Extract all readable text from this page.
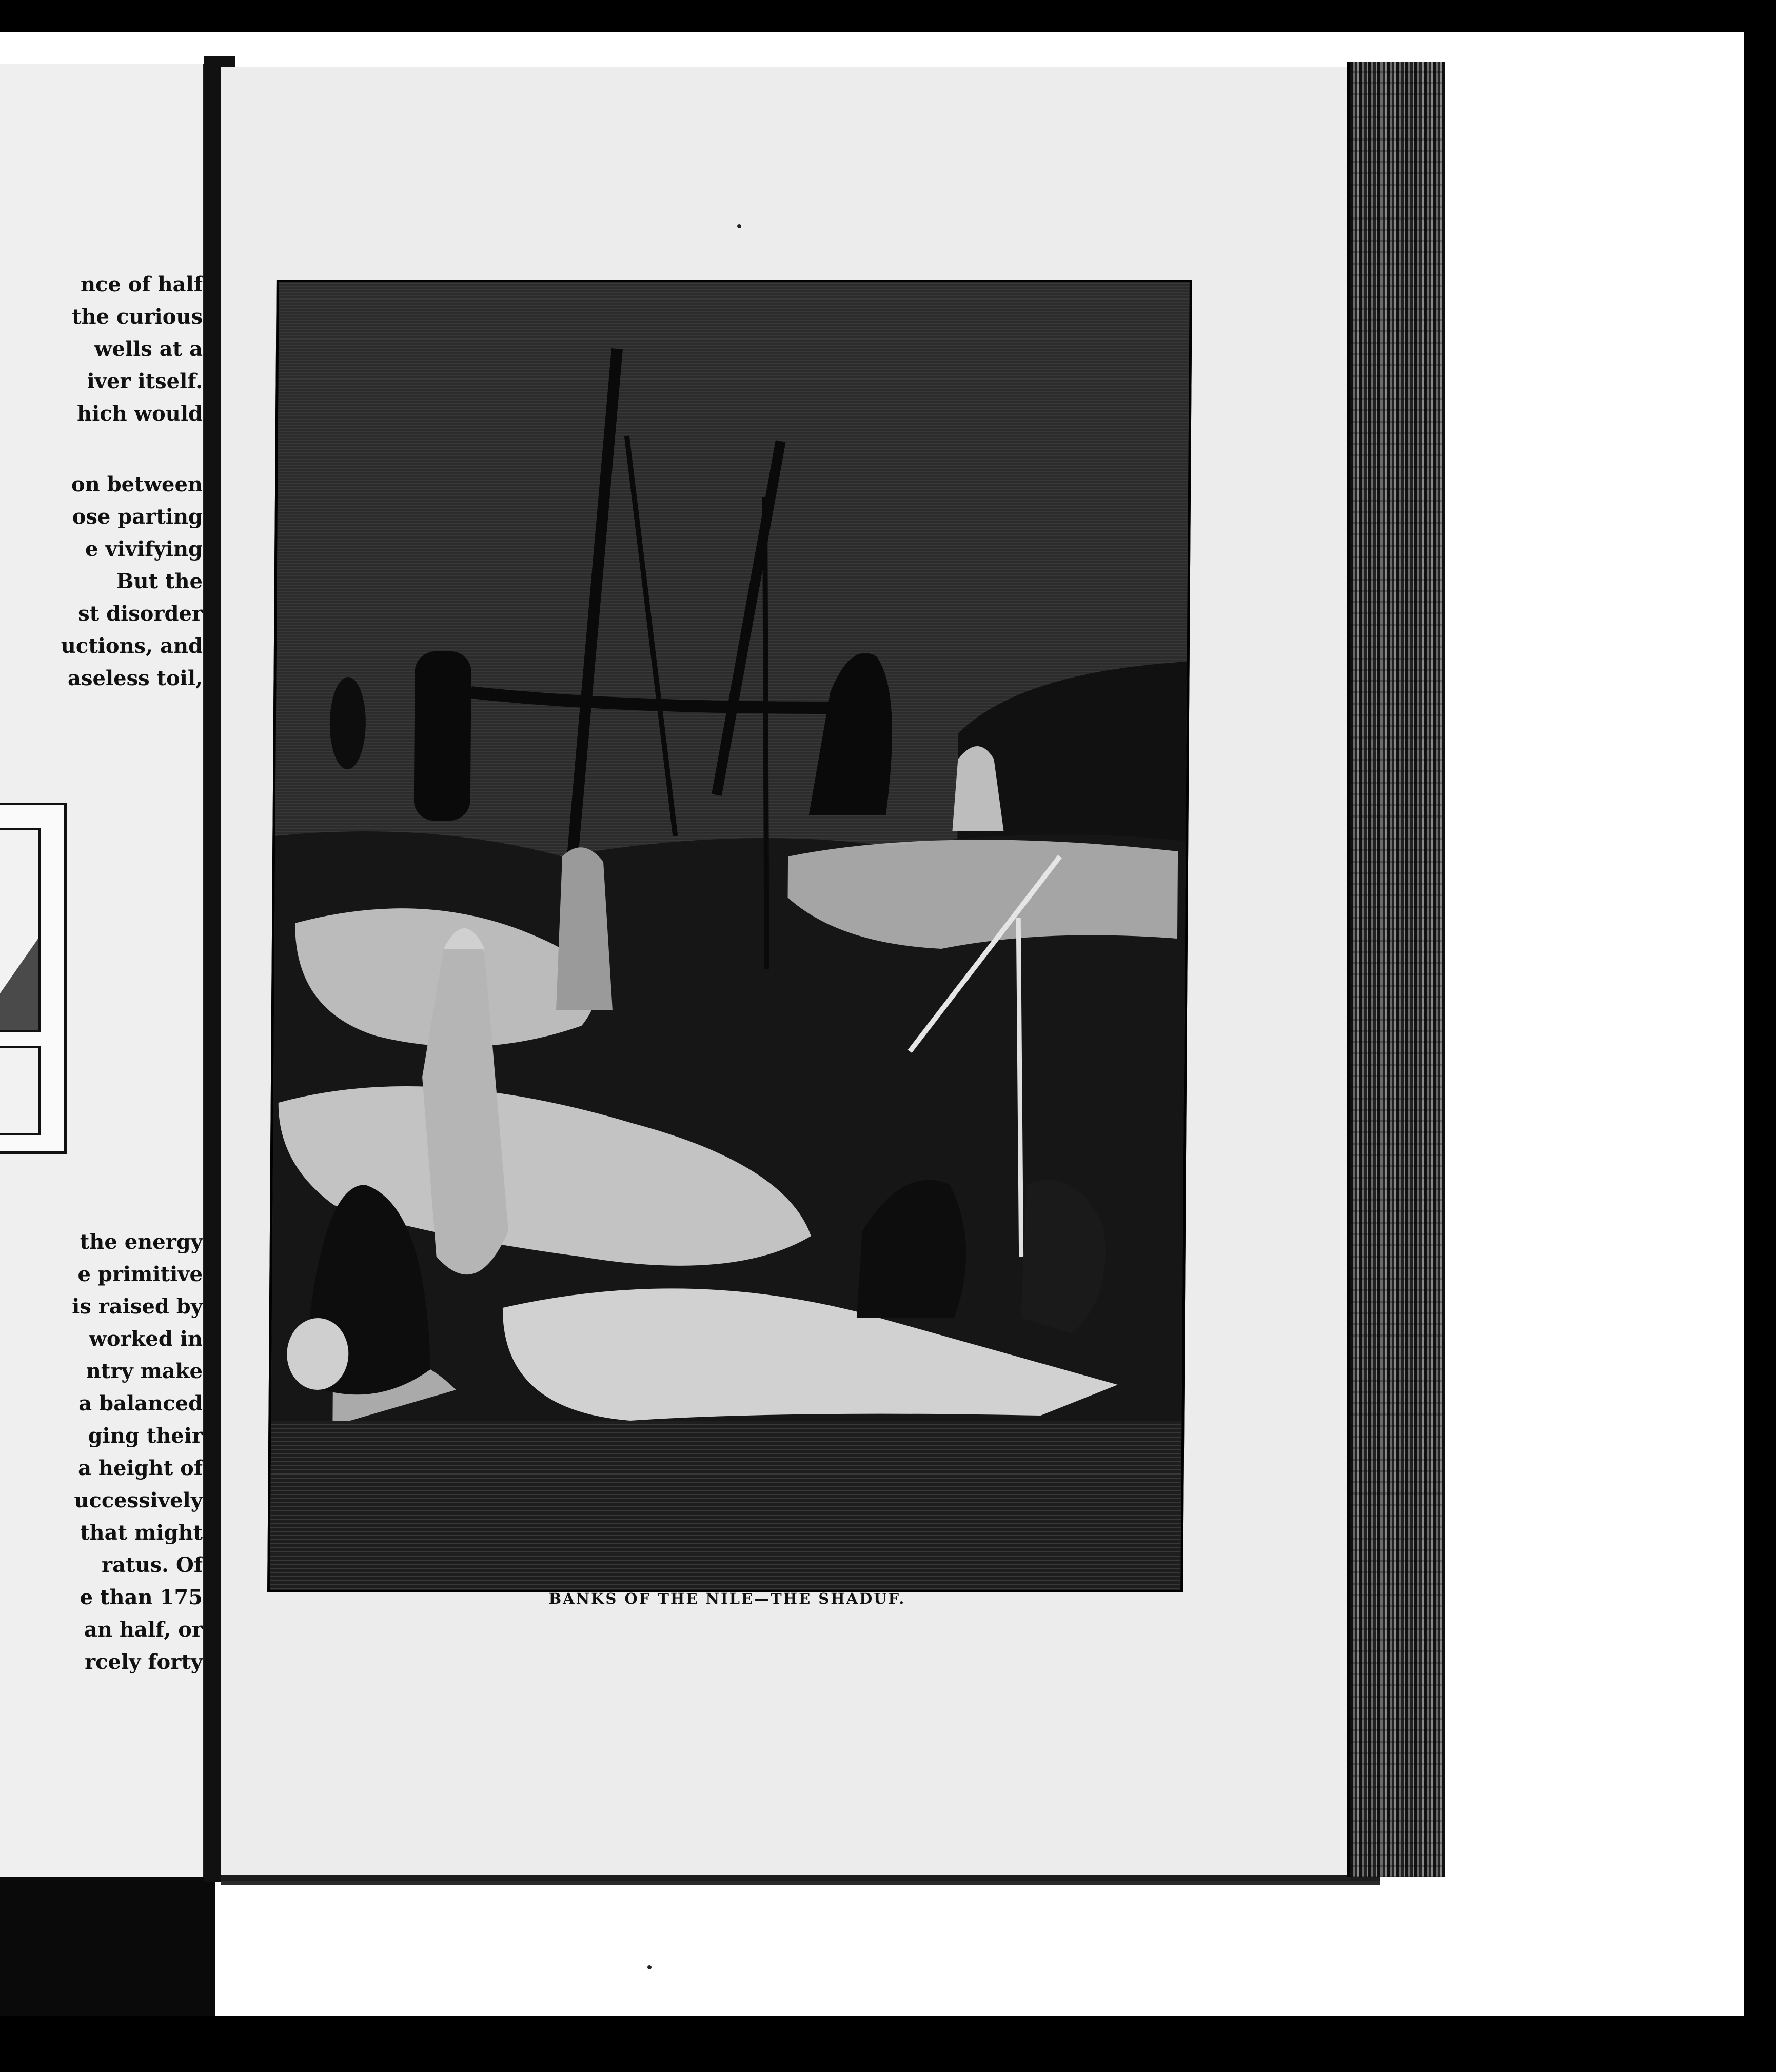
nce of half
the curious
wells at a
iver itself.
hich would
on between
ose parting
e vivifying
But the
st disorder
uctions, and
aseless toil,
the energy
e primitive
is raised by
worked in
ntry make
a balanced
ging their
a height of
uccessively
that might
ratus. Of
e than 175
an half, or
rcely forty
BANKS OF THE NILE—THE SHADUF.
